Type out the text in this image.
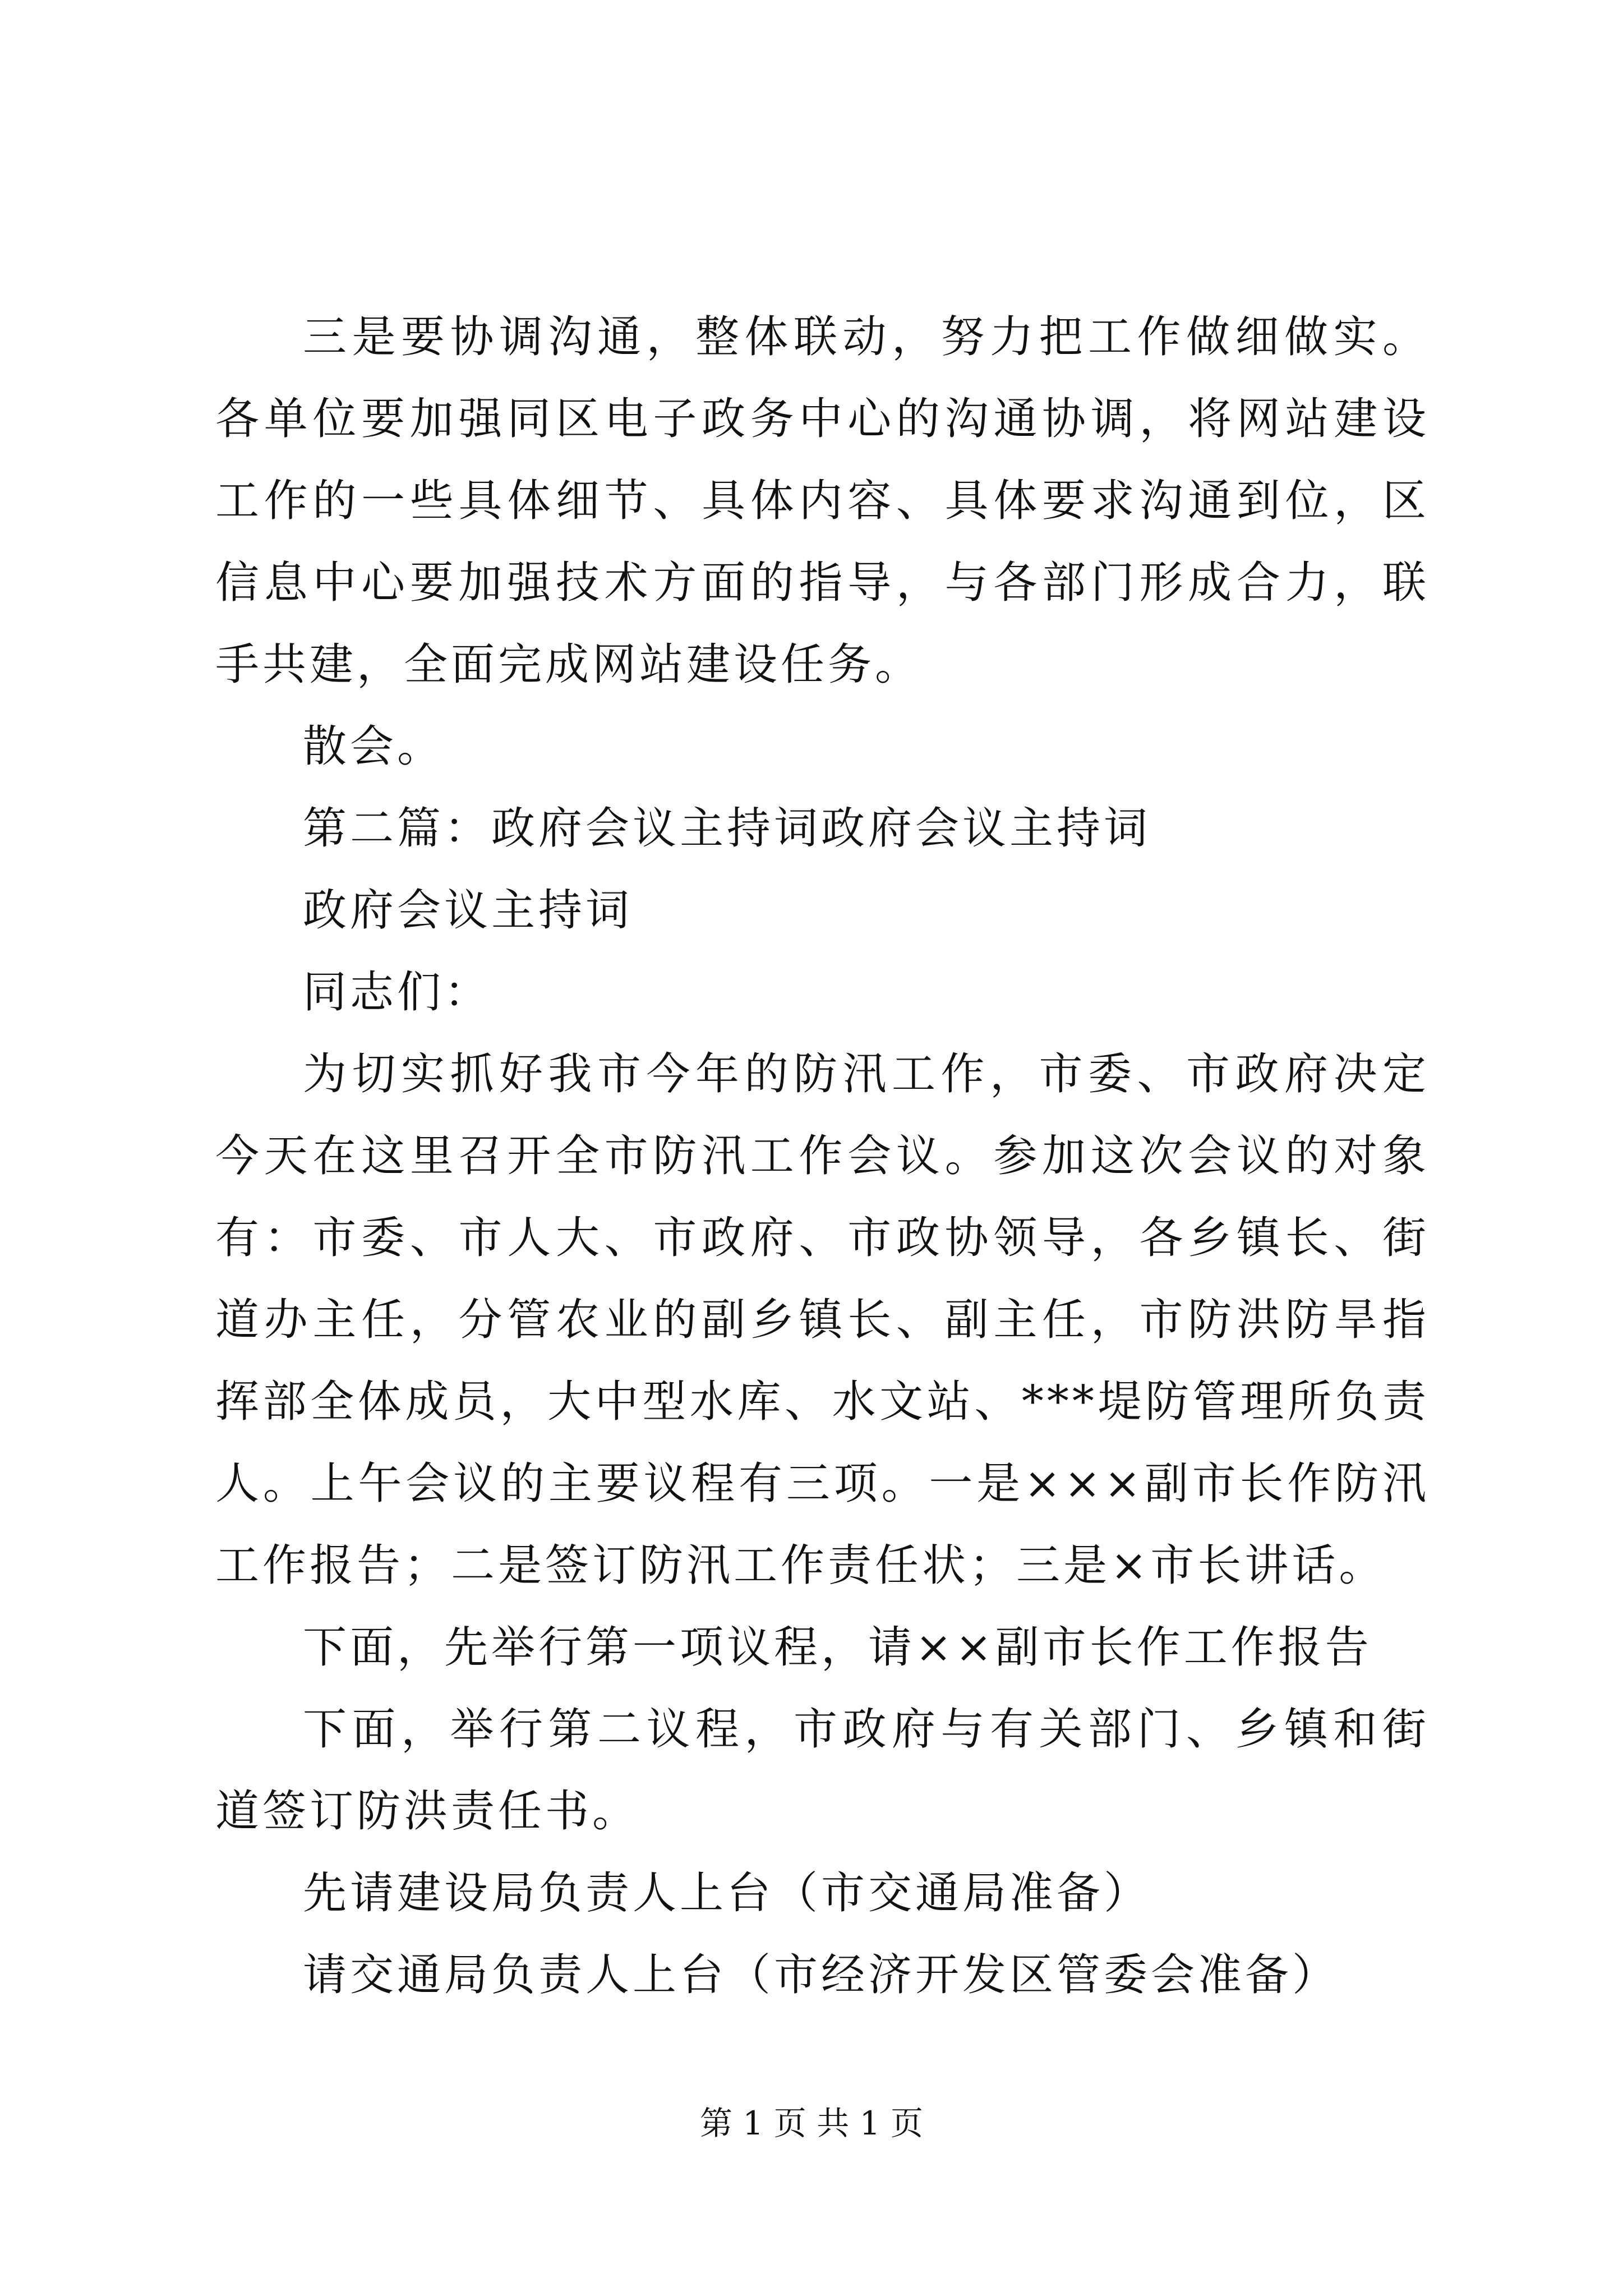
三是要协调沟通，整体联动，努力把工作做细做实。各单位要加强同区电子政务中心的沟通协调，将网站建设工作的一些具体细节、具体内容、具体要求沟通到位，区信息中心要加强技术方面的指导，与各部门形成合力，联手共建，全面完成网站建设任务。

散会。

第二篇：政府会议主持词政府会议主持词

政府会议主持词

同志们：

为切实抓好我市今年的防汛工作，市委、市政府决定今天在这里召开全市防汛工作会议。参加这次会议的对象有：市委、市人大、市政府、市政协领导，各乡镇长、街道办主任，分管农业的副乡镇长、副主任，市防洪防旱指挥部全体成员，大中型水库、水文站、***堤防管理所负责人。上午会议的主要议程有三项。一是×××副市长作防汛工作报告；二是签订防汛工作责任状；三是×市长讲话。

下面，先举行第一项议程，请××副市长作工作报告

下面，举行第二议程，市政府与有关部门、乡镇和街道签订防洪责任书。

先请建设局负责人上台（市交通局准备）

请交通局负责人上台（市经济开发区管委会准备）

第 1 页 共 1 页
